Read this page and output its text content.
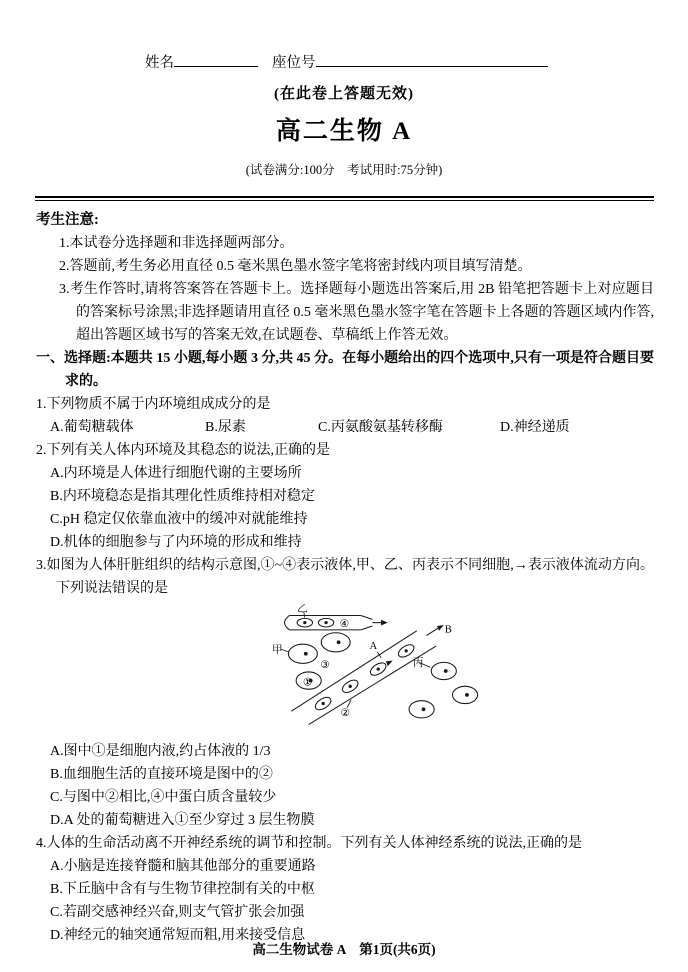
姓名	座位号
(在此卷上答题无效)
高二生物 A
(试卷满分:100分　考试用时:75分钟)
考生注意:
1.本试卷分选择题和非选择题两部分。
2.答题前,考生务必用直径 0.5 毫米黑色墨水签字笔将密封线内项目填写清楚。
3.考生作答时,请将答案答在答题卡上。选择题每小题选出答案后,用 2B 铅笔把答题卡上对应题目的答案标号涂黑;非选择题请用直径 0.5 毫米黑色墨水签字笔在答题卡上各题的答题区域内作答,超出答题区域书写的答案无效,在试题卷、草稿纸上作答无效。
一、选择题:本题共 15 小题,每小题 3 分,共 45 分。在每小题给出的四个选项中,只有一项是符合题目要求的。
1.下列物质不属于内环境组成成分的是
A.葡萄糖载体	B.尿素	C.丙氨酸氨基转移酶	D.神经递质
2.下列有关人体内环境及其稳态的说法,正确的是
A.内环境是人体进行细胞代谢的主要场所
B.内环境稳态是指其理化性质维持相对稳定
C.pH 稳定仅依靠血液中的缓冲对就能维持
D.机体的细胞参与了内环境的形成和维持
3.如图为人体肝脏组织的结构示意图,①~④表示液体,甲、乙、丙表示不同细胞,→表示液体流动方向。下列说法错误的是
甲
乙
丙
④
①
②
③
A
B
A.图中①是细胞内液,约占体液的 1/3
B.血细胞生活的直接环境是图中的②
C.与图中②相比,④中蛋白质含量较少
D.A 处的葡萄糖进入①至少穿过 3 层生物膜
4.人体的生命活动离不开神经系统的调节和控制。下列有关人体神经系统的说法,正确的是
A.小脑是连接脊髓和脑其他部分的重要通路
B.下丘脑中含有与生物节律控制有关的中枢
C.若副交感神经兴奋,则支气管扩张会加强
D.神经元的轴突通常短而粗,用来接受信息
高二生物试卷 A　第1页(共6页)
